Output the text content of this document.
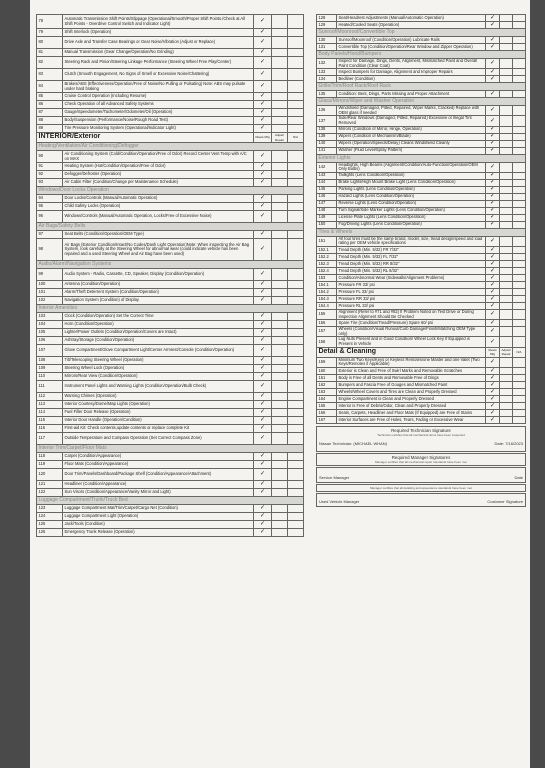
78	Automatic Transmission Shift Points/Slippage (Operational/Smooth/Proper Shift Points./Check at All Shift Points - Overdrive Control Switch and Indicator Light)	✓		
79	Shift Interlock (Operation)	✓		
80	Drive Axle and Transfer Case Bearings or Gear Noise/Vibration (Adjust or Replace)	✓		
81	Manual Transmission (Gear Change/Operation/No Grinding)	✓		
82	Steering Rack and Pinion/Steering Linkage Performance (Steering Wheel Free Play/Center)	✓		
83	Clutch (Smooth Engagement, No Signs of Smell or Excessive Noise/Chattering)	✓		
84	Brakes/ABS (Effectiveness/Operation/Free of Noise/No Pulling or Pulsating) Note: ABS may pulsate under hard braking	✓		
85	Cruise Control Operation (Including Resume)	✓		
86	Check Operation of all Advanced Safety Systems	✓		
87	Gauge/Speedometer/Tachometer/Odometer/Oil (Operation)	✓		
88	Body/Suspension (Performance/Noise/Rough Road Test)	✓		
89	Tire Pressure Monitoring System (Operational/Indicator Light)	✓		
INTERIOR/Exterior		Meets Mfg	Adjust/ Repair	N/A
Heating/Ventilation/Air Conditioning/Defogger				
90	Air Conditioning System (Cold/Condition/Operation/Free of Odor) Record Center Vent Temp with A/C on MAX	✓		
91	Heating System (Hot/Condition/Operation/Free of Odor)	✓		
92	Defogger/Defroster (Operation)	✓		
93	Air Cabin Filter (Condition/Change per Maintenance Schedule)	✓		
Windows/Door Locks Operation				
94	Door Locks/Controls (Manual/Automatic Operation)	✓		
95	Child Safety Locks (Operation)	✓		
96	Windows/Controls (Manual/Automatic Operation, Locks/Free of Excessive Noise)	✓		
Air Bags/Safety Belts				
97	Seat Belts (Condition/Operation/OEM Type)	✓		
98	Air Bags (Exterior Condition/Intact/No Codes/Dash Light Operation)Note: When inspecting the Air Bag System, look carefully at the Steering Wheel for abnormal wear (could indicate vehicle has been repaired and a used Steering Wheel and Air Bag have been used)	✓		
Audio/Alarm/Navigation Systems				
99	Audio System - Radio, Cassette, CD, Speaker, Display (Condition/Operation)	✓		
100	Antenna (Condition/Operation)	✓		
101	Alarm/Theft Deterrent System (Condition/Operation)	✓		
102	Navigation System (Condition) of Display	✓		
Interior Amenities				
103	Clock (Condition/Operation) Set the Correct Time	✓		
104	Horn (Condition/Operation)	✓		
105	Lighter/Power Outlets (Condition/Operation/Covers are Intact)	✓		
106	Ashtray/Storage (Condition/Operation)	✓		
107	Glove Compartment/Glove Compartment Light/Center Armrest/Console (Condition/Operation)	✓		
108	Tilt/Telescoping Steering Wheel (Operation)	✓		
109	Steering Wheel Lock (Operation)	✓		
110	Mirrors/Rear View (Condition/Operation)	✓		
111	Instrument Panel Lights and Warning Lights (Condition/Operation/Bulb Check)	✓		
112	Warning Chimes (Operation)	✓		
113	Interior Courtesy/Dome/Map Lights (Operation)	✓		
114	Fuel Filler Door Release (Operation)	✓		
115	Interior Door Handle (Operation/Condition)	✓		
116	First-aid Kit: Check contents,update contents or replace complete Kit	✓		
117	Outside Temperature and Compass Operation (Set Correct Compass Zone)	✓		
Interior Trim/Carpet/Floor Mats				
118	Carpet (Condition/Appearance)	✓		
119	Floor Mats (Condition/Appearance)	✓		
120	Door Trim/Panels/Dashboard/Package Shelf (Condition/Appearance/Attachment)	✓		
121	Headliner (Condition/Appearance)	✓		
122	Sun Visors (Condition/Appearance/Vanity Mirror and Light)	✓		
Luggage Compartment/Trunk/Truck Bed				
123	Luggage Compartment Mat/Trim/Carpet/Cargo Net (Condition)	✓		
124	Luggage Compartment Light (Operation)	✓		
125	Jack/Tools (Condition)	✓		
126	Emergency Trunk Release (Operation)	✓		
128	Seat/Headrest Adjustments (Manual/Automatic Operation)	✓		
129	Heated/Cooled Seats (Operation)	✓		
Sunroof/Moonroof/Convertible Top				
130	Sunroof/Moonroof (Condition/Operation) Lubricate Rails	✓		
131	Convertible Top (Condition/Operation/Rear Window and Zipper Operation)	✓		
Body Panels/Hood/Bumpers				
132	Inspect for Damage, Dings, Dents, Alignment, Mismatched Paint and Overall Paint Condition (Clear Coat)	✓		
133	Inspect Bumpers for Damage, Alignment and Improper Repairs	✓		
134	Bedliner (Condition)	✓		
Grille/Trim/Roof Rack/Roof Rack				
135	Condition: Bent, Dings, Parts Missing and Proper Attachment	✓		
Glass/Mirrors/Wiper and Washer Operation				
136	Windshield (Damaged, Pitted, Repaired, Wiper Marks, Cracked) Replace with OEM glass if needed	✓		
137	Side/Rear Windows (Damaged, Pitted, Repaired) Excessive or Illegal Tint Removed	✓		
138	Mirrors (Condition of Mirror, Hinge, Operation)	✓		
139	Wipers (Condition of Mechanism/Blade)	✓		
140	Wipers (Operation/Speeds/Delay) Cleans Windshield Cleanly	✓		
141	Washer (Fluid Level/Spray Pattern)	✓		
Exterior Lights				
142	Headlights, High Beams (Alignment/Condition/Auto-Function/Operation/OEM Only Bulbs)	✓		
143	Taillights (Lens Condition/Operation)	✓		
144	Brake Lights/High Mount Brake Light (Lens Condition/Operation)	✓		
145	Parking Lights (Lens Condition/Operation)	✓		
146	Hazard Lights (Lens Condition/Operation)	✓		
147	Reverse Lights (Lens Condition/Operation)	✓		
148	Turn Signal/Side Marker Lights (Lens Condition/Operation)	✓		
149	License Plate Lights (Lens Condition/Operation)	✓		
150	Fog/Driving Lights (Lens Condition/Operation)	✓		
Tires & Wheels				
151	All four tires must be the same brand, model, size, tread design/speed and load rating per OEM vehicle specifications	✓		
152.1	Tread Depth (Min. 5/32) FR 7/32"	✓		
152.2	Tread Depth (Min. 5/32) FL 7/32"	✓		
152.3	Tread Depth (Min. 5/32) RR 8/32"	✓		
152.4	Tread Depth (Min. 5/32) RL 8/32"	✓		
153	Condition/Abnormal Wear (Sidewalls/Alignment Problems)	✓		
154.1	Pressure FR 33/ psi	✓		
154.2	Pressure FL 33/ psi	✓		
154.3	Pressure RR 33/ psi	✓		
154.4	Pressure RL 33/ psi	✓		
155	Alignment (Refer to #71 and #82) If Problem Noted on Test Drive or During Inspection Alignment Should Be Checked	✓		
156	Spare Tire (Condition/Tread/Pressure) Spare 60/ psi	✓		
157	Wheels (Condition/Visual Runout/Curb Damage/Finish/Matching OEM Type only)	✓		
158	Lug Nuts Present and in Good Condition/ Wheel Lock Key If Equipped is Present in Vehicle	✓		
Detail & Cleaning		Meets Mfg	Adjust/ Repair	N/A
159	Minimum Two Keys/Keys or Keyless Remotes/one Master and one Valet (Two Keys/Remotes if Applicable)	✓		
160	Exterior is Clean and Free of Swirl Marks and Removable Scratches	✓		
161	Body is Free of all Dents and Removable Free of Dings	✓		
162	Bumpers and Fascia Free of Gouges and Mismatched Paint	✓		
163	Wheels/Wheel Covers and Tires are Clean and Properly Dressed	✓		
164	Engine Compartment is Clean and Properly Dressed	✓		
165	Interior is Free of Debris/Odor, Clean and Properly Dressed	✓		
166	Seats, Carpets, Headliner and Floor Mats (If Equipped) are Free of Stains	✓		
167	Interior Surfaces are Free of Holes, Tears, Fading or Excessive Wear	✓		
Required Technician Signature
Technician certifies that all mechanical items have been inspected
Nissan Technician: (MICHAEL WHAN)	Date: 7/16/2023
Required Manager Signatures
Manager certifies that all mechanical repair standards have been met
Service Manager	Date
Manager certifies that all detailing and appearance standards have been met
Used Vehicle Manager	Customer Signature
